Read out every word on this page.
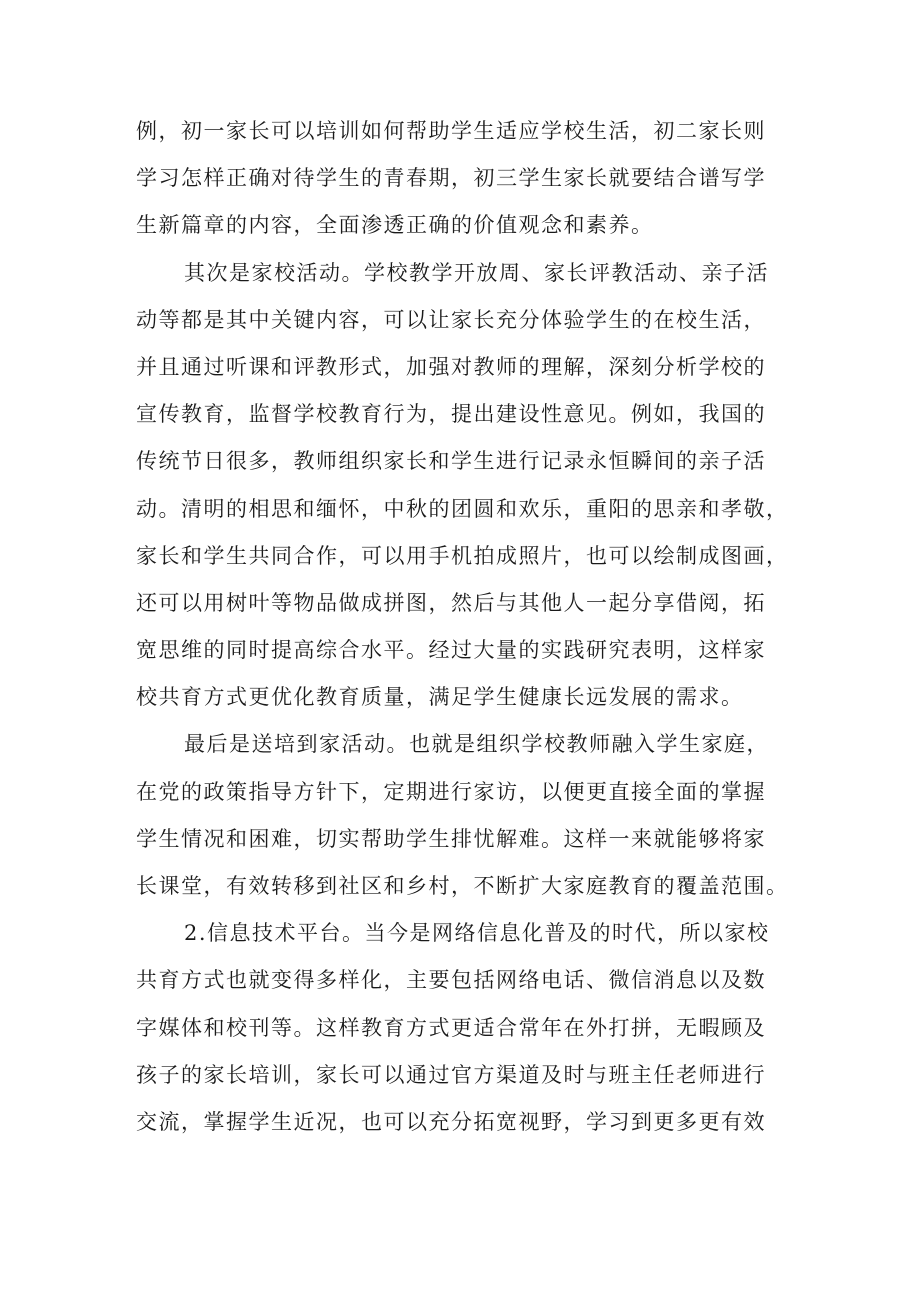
例，初一家长可以培训如何帮助学生适应学校生活，初二家长则
学习怎样正确对待学生的青春期，初三学生家长就要结合谱写学
生新篇章的内容，全面渗透正确的价值观念和素养。
其次是家校活动。学校教学开放周、家长评教活动、亲子活
动等都是其中关键内容，可以让家长充分体验学生的在校生活，
并且通过听课和评教形式，加强对教师的理解，深刻分析学校的
宣传教育，监督学校教育行为，提出建设性意见。例如，我国的
传统节日很多，教师组织家长和学生进行记录永恒瞬间的亲子活
动。清明的相思和缅怀，中秋的团圆和欢乐，重阳的思亲和孝敬，
家长和学生共同合作，可以用手机拍成照片，也可以绘制成图画，
还可以用树叶等物品做成拼图，然后与其他人一起分享借阅，拓
宽思维的同时提高综合水平。经过大量的实践研究表明，这样家
校共育方式更优化教育质量，满足学生健康长远发展的需求。
最后是送培到家活动。也就是组织学校教师融入学生家庭，
在党的政策指导方针下，定期进行家访，以便更直接全面的掌握
学生情况和困难，切实帮助学生排忧解难。这样一来就能够将家
长课堂，有效转移到社区和乡村，不断扩大家庭教育的覆盖范围。
2.信息技术平台。当今是网络信息化普及的时代，所以家校
共育方式也就变得多样化，主要包括网络电话、微信消息以及数
字媒体和校刊等。这样教育方式更适合常年在外打拼，无暇顾及
孩子的家长培训，家长可以通过官方渠道及时与班主任老师进行
交流，掌握学生近况，也可以充分拓宽视野，学习到更多更有效
